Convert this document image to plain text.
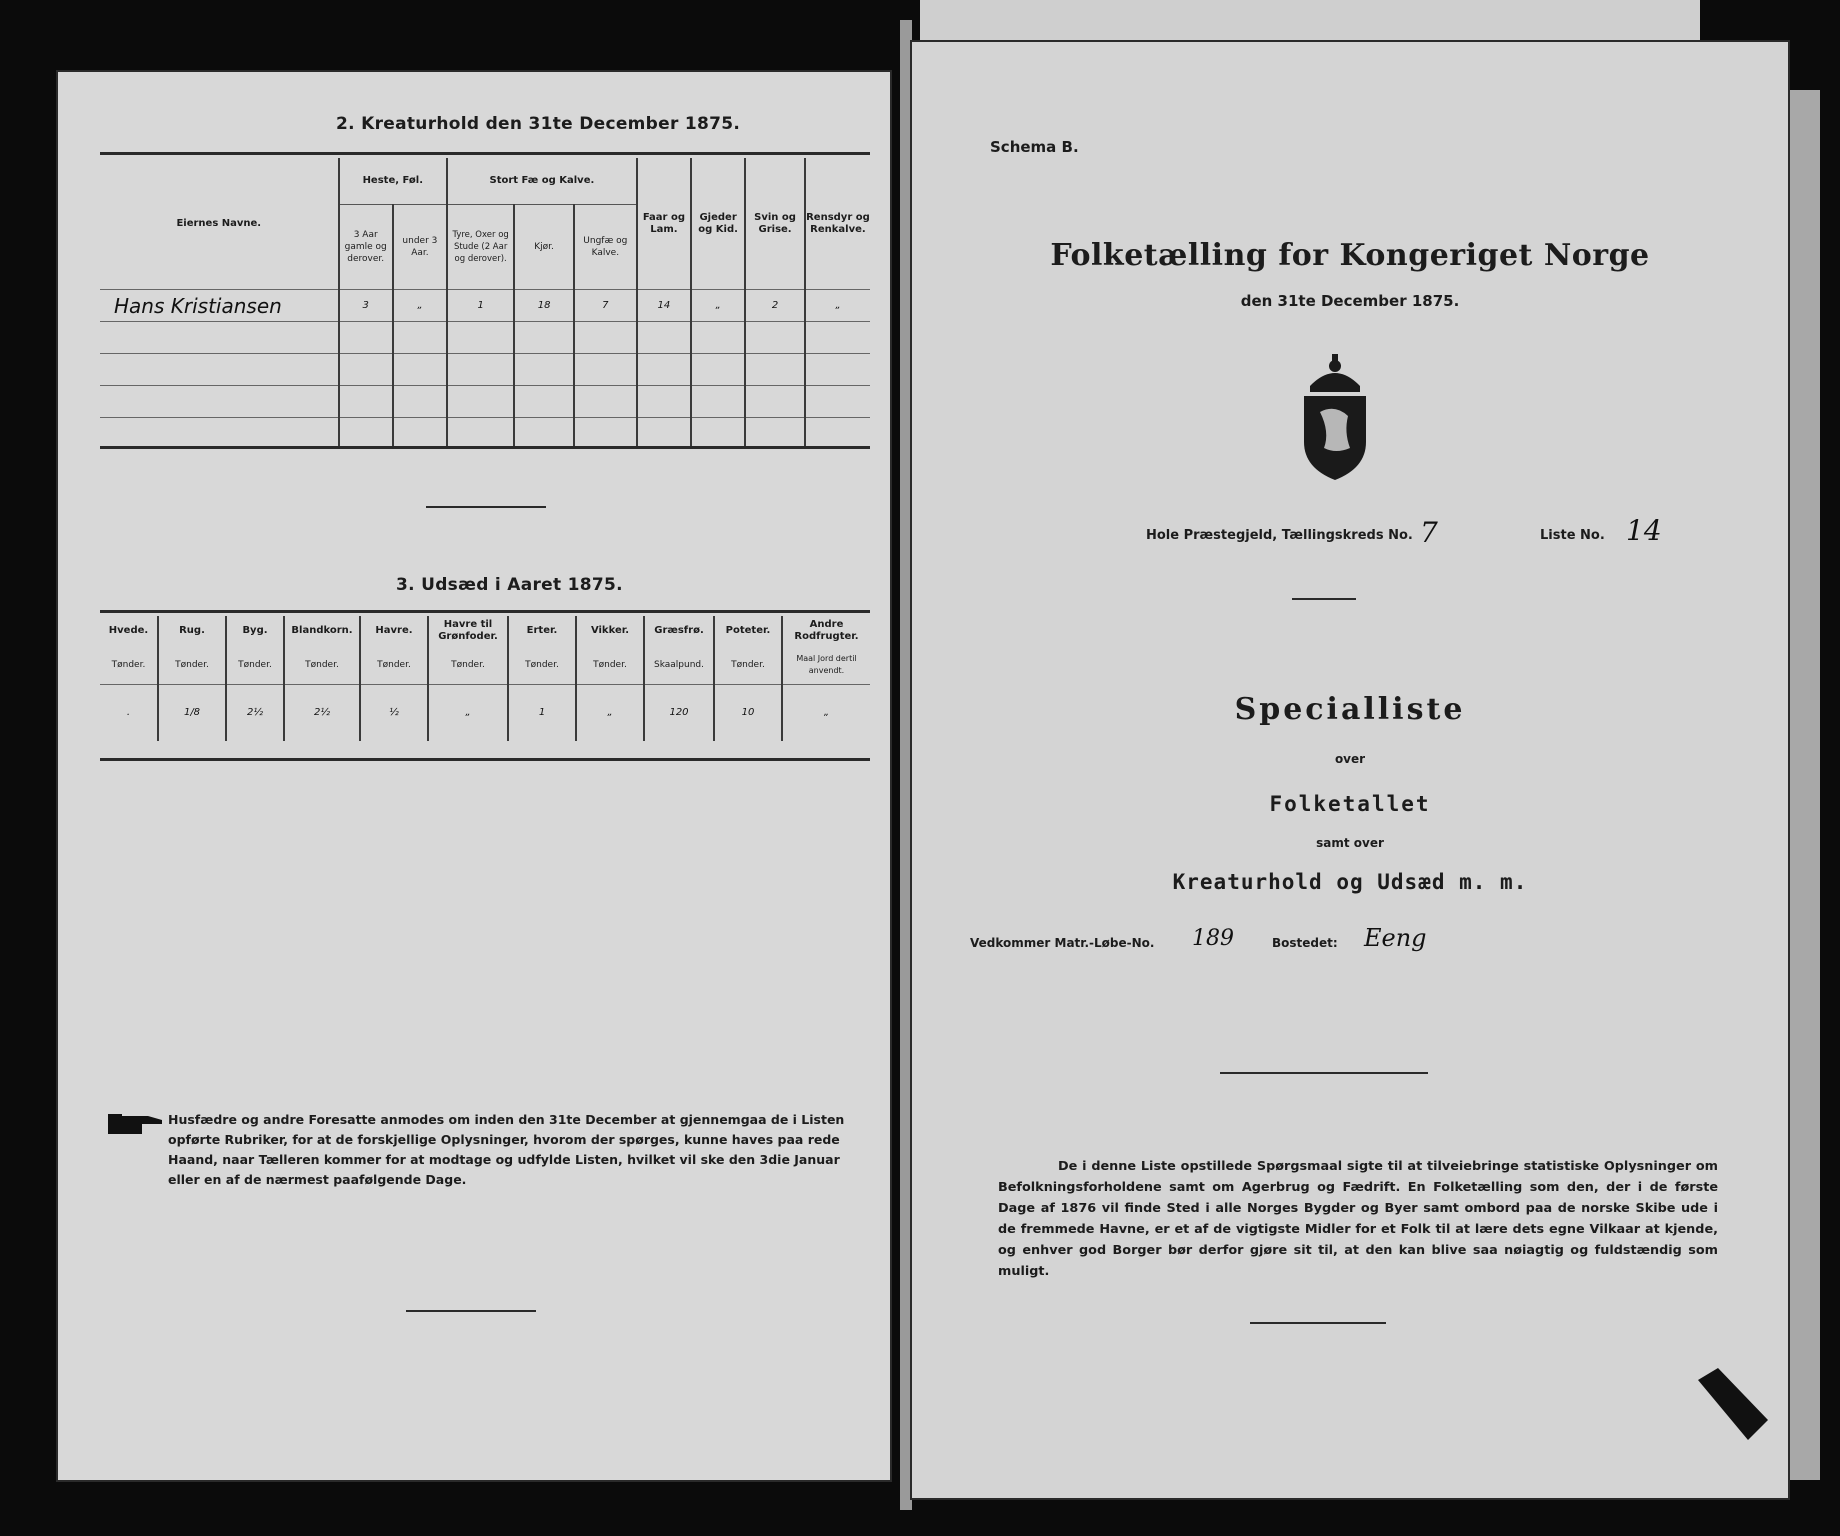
2. Kreaturhold den 31te December 1875.
Eiernes Navne.	Heste, Føl.		Stort Fæ og Kalve.			Faar og Lam.	Gjeder og Kid.	Svin og Grise.	Rensdyr og Renkalve.
	3 Aar gamle og derover.	under 3 Aar.	Tyre, Oxer og Stude (2 Aar og derover).	Kjør.	Ungfæ og Kalve.				
Hans Kristiansen	3	„	1	18	7	14	„	2	„

3. Udsæd i Aaret 1875.
Hvede.	Rug.	Byg.	Blandkorn.	Havre.	Havre til Grønfoder.	Erter.	Vikker.	Græsfrø.	Poteter.	Andre Rodfrugter.
Tønder.	Tønder.	Tønder.	Tønder.	Tønder.	Tønder.	Tønder.	Tønder.	Skaalpund.	Tønder.	Maal Jord dertil anvendt.
.	1/8	2½	2½	½	„	1	„	120	10	„
Husfædre og andre Foresatte anmodes om inden den 31te December at gjennemgaa de i Listen opførte Rubriker, for at de forskjellige Oplysninger, hvorom der spørges, kunne haves paa rede Haand, naar Tælleren kommer for at modtage og udfylde Listen, hvilket vil ske den 3die Januar eller en af de nærmest paafølgende Dage.
Schema B.
Folketælling for Kongeriget Norge
den 31te December 1875.
Hole Præstegjeld, Tællingskreds No. 7	Liste No. 14
Specialliste
over
Folketallet
samt over
Kreaturhold og Udsæd m. m.
Vedkommer Matr.-Løbe-No. 189	Bostedet: Eeng
De i denne Liste opstillede Spørgsmaal sigte til at tilveiebringe statistiske Oplysninger om Befolkningsforholdene samt om Agerbrug og Fædrift. En Folketælling som den, der i de første Dage af 1876 vil finde Sted i alle Norges Bygder og Byer samt ombord paa de norske Skibe ude i de fremmede Havne, er et af de vigtigste Midler for et Folk til at lære dets egne Vilkaar at kjende, og enhver god Borger bør derfor gjøre sit til, at den kan blive saa nøiagtig og fuldstændig som muligt.
